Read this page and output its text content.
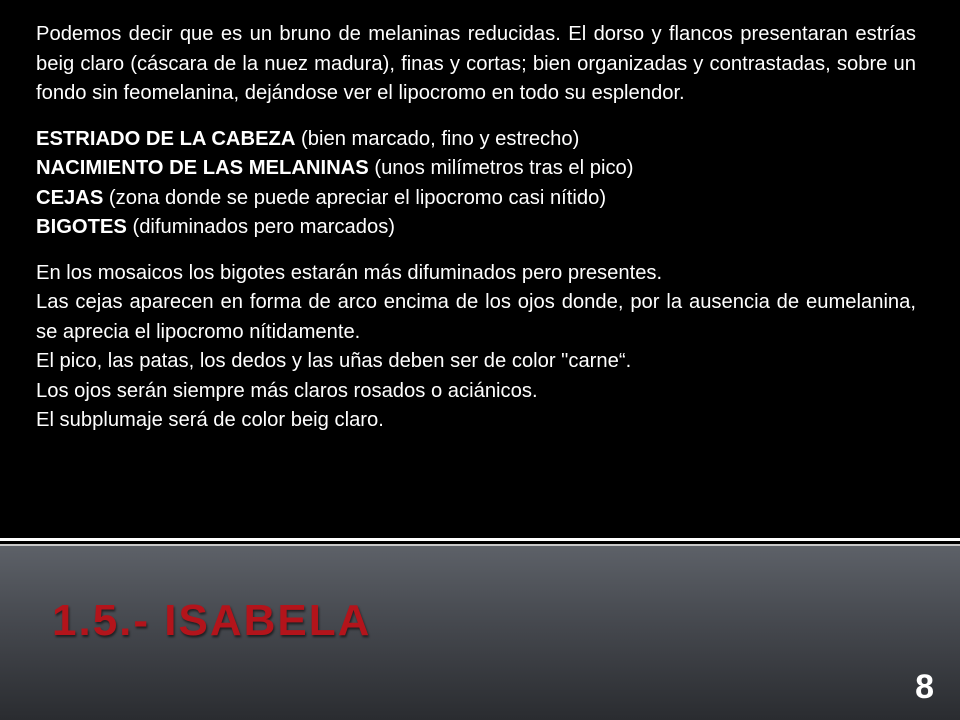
Podemos decir que es un bruno de melaninas reducidas. El dorso y flancos presentaran estrías beig claro (cáscara de la nuez madura), finas y cortas; bien organizadas y contrastadas, sobre un fondo sin feomelanina, dejándose ver el lipocromo en todo su esplendor.

ESTRIADO DE LA CABEZA (bien marcado, fino y estrecho)

NACIMIENTO DE LAS MELANINAS (unos milímetros tras el pico)

CEJAS (zona donde se puede apreciar el lipocromo casi nítido)

BIGOTES (difuminados pero marcados)

En los mosaicos los bigotes estarán más difuminados pero presentes.

Las cejas aparecen en forma de arco encima de los ojos donde, por la ausencia de eumelanina, se aprecia el lipocromo nítidamente.

El pico, las patas, los dedos y las uñas deben ser de color "carne“.

Los ojos serán siempre más claros rosados o aciánicos.

El subplumaje será de color beig claro.

1.5.- ISABELA
8
